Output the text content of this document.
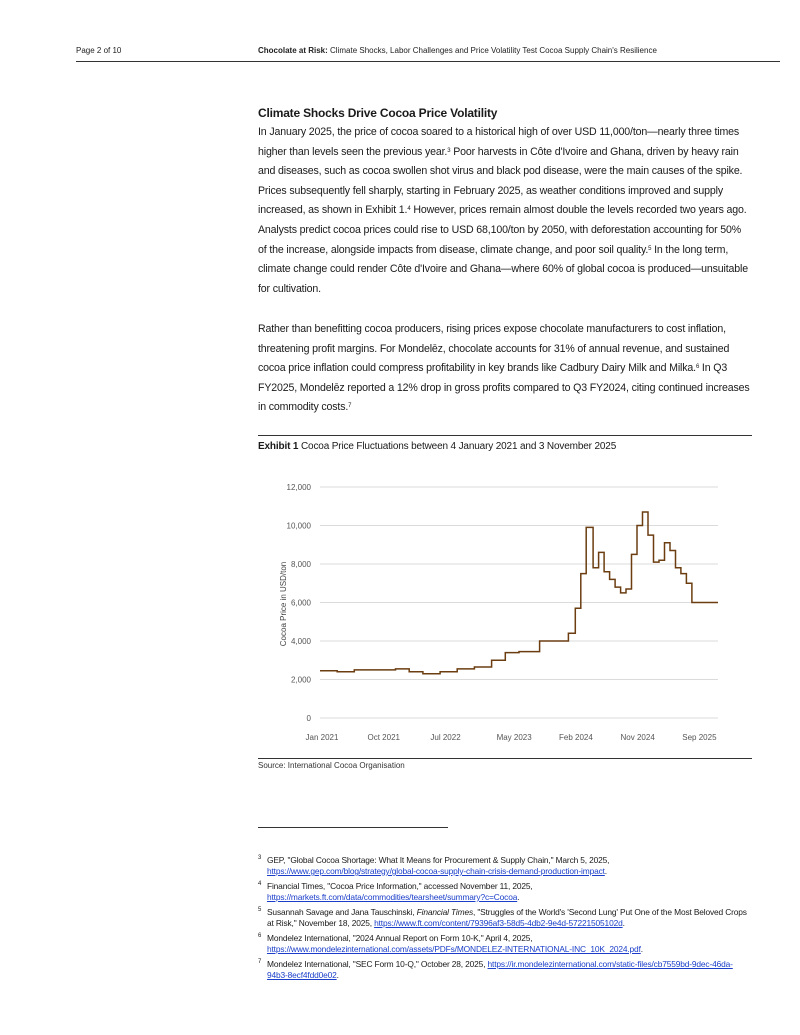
Page 2 of 10	Chocolate at Risk: Climate Shocks, Labor Challenges and Price Volatility Test Cocoa Supply Chain's Resilience
Climate Shocks Drive Cocoa Price Volatility

In January 2025, the price of cocoa soared to a historical high of over USD 11,000/ton—nearly three times higher than levels seen the previous year.$^3$ Poor harvests in Côte d'Ivoire and Ghana, driven by heavy rain and diseases, such as cocoa swollen shot virus and black pod disease, were the main causes of the spike. Prices subsequently fell sharply, starting in February 2025, as weather conditions improved and supply increased, as shown in Exhibit 1.$^4$ However, prices remain almost double the levels recorded two years ago. Analysts predict cocoa prices could rise to USD 68,100/ton by 2050, with deforestation accounting for 50% of the increase, alongside impacts from disease, climate change, and poor soil quality.$^5$ In the long term, climate change could render Côte d'Ivoire and Ghana—where 60% of global cocoa is produced—unsuitable for cultivation.

Rather than benefitting cocoa producers, rising prices expose chocolate manufacturers to cost inflation, threatening profit margins. For Mondelēz, chocolate accounts for 31% of annual revenue, and sustained cocoa price inflation could compress profitability in key brands like Cadbury Dairy Milk and Milka.$^6$ In Q3 FY2025, Mondelēz reported a 12% drop in gross profits compared to Q3 FY2024, citing continued increases in commodity costs.$^7$

Exhibit 1 Cocoa Price Fluctuations between 4 January 2021 and 3 November 2025
0
2,000
4,000
6,000
8,000
10,000
12,000
Jan 2021	Oct 2021	Jul 2022	May 2023	Feb 2024	Nov 2024	Sep 2025
Cocoa Price in USD/ton
Source: International Cocoa Organisation
3 GEP, "Global Cocoa Shortage: What It Means for Procurement & Supply Chain," March 5, 2025, https://www.gep.com/blog/strategy/global-cocoa-supply-chain-crisis-demand-production-impact.
4 Financial Times, "Cocoa Price Information," accessed November 11, 2025, https://markets.ft.com/data/commodities/tearsheet/summary?c=Cocoa.
5 Susannah Savage and Jana Tauschinski, Financial Times, "Struggles of the World's 'Second Lung' Put One of the Most Beloved Crops at Risk," November 18, 2025, https://www.ft.com/content/79396af3-58d5-4db2-9e4d-57221505102d.
6 Mondelez International, "2024 Annual Report on Form 10-K," April 4, 2025, https://www.mondelezinternational.com/assets/PDFs/MONDELEZ-INTERNATIONAL-INC_10K_2024.pdf.
7 Mondelez International, "SEC Form 10-Q," October 28, 2025, https://ir.mondelezinternational.com/static-files/cb7559bd-9dec-46da-94b3-8ecf4fdd0e02.
